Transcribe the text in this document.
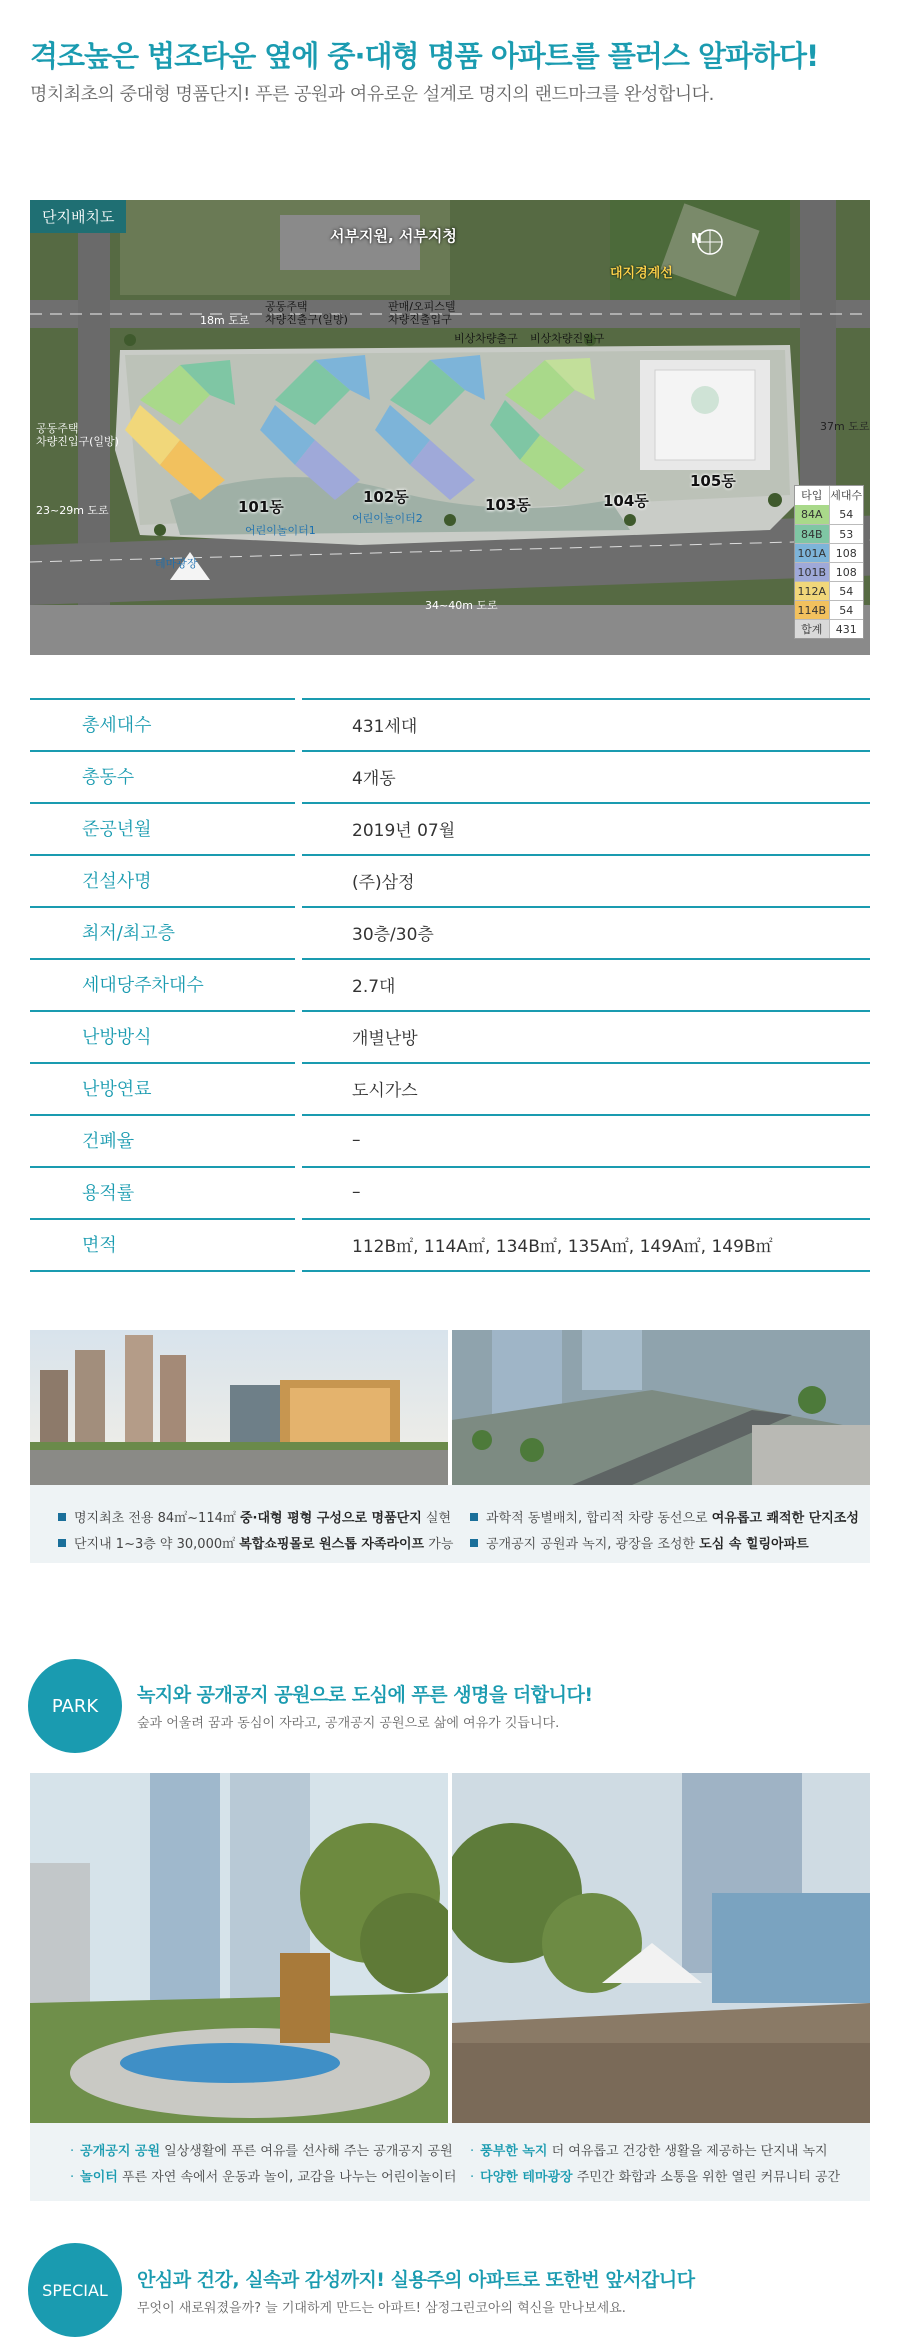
격조높은 법조타운 옆에 중·대형 명품 아파트를 플러스 알파하다!
명치최초의 중대형 명품단지! 푸른 공원과 여유로운 설계로 명지의 랜드마크를 완성합니다.
단지배치도
서부지원, 서부지청
대지경계선
N
18m 도로
공동주택
차량진출구(일방)
판매/오피스텔
차량진출입구
비상차량출구 비상차량진입구
37m 도로
공동주택
차량진입구(일방)
23~29m 도로
34~40m 도로
어린이놀이터1
어린이놀이터2
테마광장
101동
102동	103동	104동
105동
타입 세대수
84A	54
84B	53
101A 108
101B 108
112A	54
114B	54
합계	431
총세대수	431세대
총동수	4개동
준공년월	2019년 07월
건설사명	(주)삼정
최저/최고층	30층/30층
세대당주차대수	2.7대
난방방식	개별난방
난방연료	도시가스
건폐율	–
용적률	–
면적	112B㎡, 114A㎡, 134B㎡, 135A㎡, 149A㎡, 149B㎡
명지최초 전용 84㎡~114㎡ 중·대형 평형 구성으로 명품단지 실현	과학적 동별배치, 합리적 차량 동선으로 여유롭고 쾌적한 단지조성
단지내 1~3층 약 30,000㎡ 복합쇼핑몰로 원스톱 자족라이프 가능	공개공지 공원과 녹지, 광장을 조성한 도심 속 힐링아파트
PARK	녹지와 공개공지 공원으로 도심에 푸른 생명을 더합니다!
숲과 어울려 꿈과 동심이 자라고, 공개공지 공원으로 삶에 여유가 깃듭니다.
· 공개공지 공원 일상생활에 푸른 여유를 선사해 주는 공개공지 공원 · 풍부한 녹지 더 여유롭고 건강한 생활을 제공하는 단지내 녹지
· 놀이터 푸른 자연 속에서 운동과 놀이, 교감을 나누는 어린이놀이터 · 다양한 테마광장 주민간 화합과 소통을 위한 열린 커뮤니티 공간
SPECIAL	안심과 건강, 실속과 감성까지! 실용주의 아파트로 또한번 앞서갑니다
무엇이 새로워졌을까? 늘 기대하게 만드는 아파트! 삼정그린코아의 혁신을 만나보세요.
